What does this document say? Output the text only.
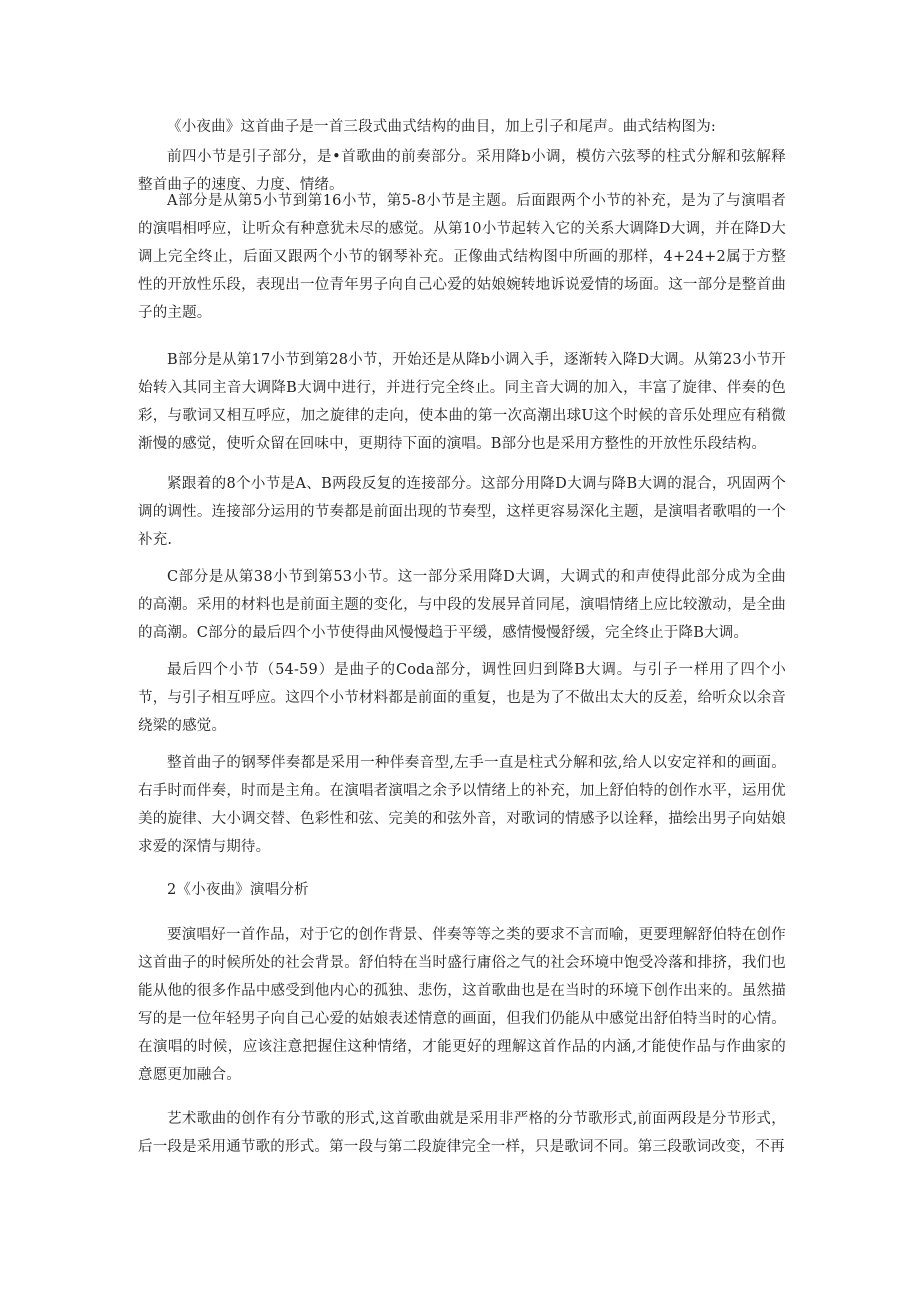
《小夜曲》这首曲子是一首三段式曲式结构的曲目，加上引子和尾声。曲式结构图为:

前四小节是引子部分，是•首歌曲的前奏部分。采用降b小调，模仿六弦琴的柱式分解和弦解释整首曲子的速度、力度、情绪。

A部分是从第5小节到第16小节，第5-8小节是主题。后面跟两个小节的补充，是为了与演唱者的演唱相呼应，让听众有种意犹未尽的感觉。从第10小节起转入它的关系大调降D大调，并在降D大调上完全终止，后面又跟两个小节的钢琴补充。正像曲式结构图中所画的那样，4+24+2属于方整性的开放性乐段，表现出一位青年男子向自己心爱的姑娘婉转地诉说爱情的场面。这一部分是整首曲子的主题。

B部分是从第17小节到第28小节，开始还是从降b小调入手，逐渐转入降D大调。从第23小节开始转入其同主音大调降B大调中进行，并进行完全终止。同主音大调的加入，丰富了旋律、伴奏的色彩，与歌词又相互呼应，加之旋律的走向，使本曲的第一次高潮出球U这个时候的音乐处理应有稍微渐慢的感觉，使听众留在回味中，更期待下面的演唱。B部分也是采用方整性的开放性乐段结构。

紧跟着的8个小节是A、B两段反复的连接部分。这部分用降D大调与降B大调的混合，巩固两个调的调性。连接部分运用的节奏都是前面出现的节奏型，这样更容易深化主题，是演唱者歌唱的一个补充.

C部分是从第38小节到第53小节。这一部分采用降D大调，大调式的和声使得此部分成为全曲的高潮。采用的材料也是前面主题的变化，与中段的发展异首同尾，演唱情绪上应比较激动，是全曲的高潮。C部分的最后四个小节使得曲风慢慢趋于平缓，感情慢慢舒缓，完全终止于降B大调。

最后四个小节（54-59）是曲子的Coda部分，调性回归到降B大调。与引子一样用了四个小节，与引子相互呼应。这四个小节材料都是前面的重复，也是为了不做出太大的反差，给听众以余音绕梁的感觉。

整首曲子的钢琴伴奏都是采用一种伴奏音型,左手一直是柱式分解和弦,给人以安定祥和的画面。右手时而伴奏，时而是主角。在演唱者演唱之余予以情绪上的补充，加上舒伯特的创作水平，运用优美的旋律、大小调交替、色彩性和弦、完美的和弦外音，对歌词的情感予以诠释，描绘出男子向姑娘求爱的深情与期待。

2《小夜曲》演唱分析

要演唱好一首作品，对于它的创作背景、伴奏等等之类的要求不言而喻，更要理解舒伯特在创作这首曲子的时候所处的社会背景。舒伯特在当时盛行庸俗之气的社会环境中饱受冷落和排挤，我们也能从他的很多作品中感受到他内心的孤独、悲伤，这首歌曲也是在当时的环境下创作出来的。虽然描写的是一位年轻男子向自己心爱的姑娘表述情意的画面，但我们仍能从中感觉出舒伯特当时的心情。在演唱的时候，应该注意把握住这种情绪，才能更好的理解这首作品的内涵,才能使作品与作曲家的意愿更加融合。

艺术歌曲的创作有分节歌的形式,这首歌曲就是采用非严格的分节歌形式,前面两段是分节形式，后一段是采用通节歌的形式。第一段与第二段旋律完全一样，只是歌词不同。第三段歌词改变，不再
